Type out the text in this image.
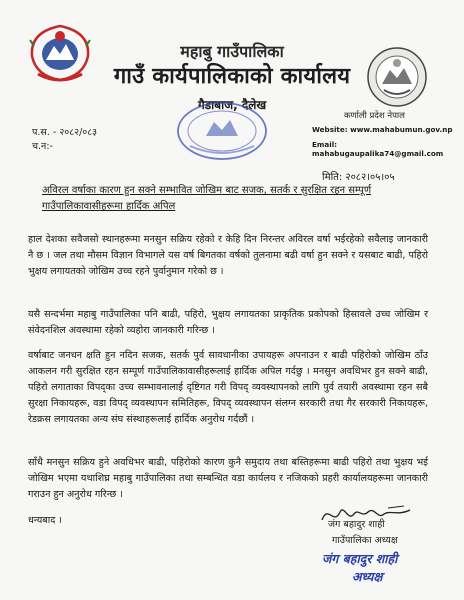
महाबु गाउँपालिका
गाउँ कार्यपालिकाको कार्यालय
गैडाबाज, दैलेख
कर्णाली प्रदेश नेपाल
Website: www.mahabumun.gov.np
Email: mahabugaupalika74@gmail.com
प.स. - २०८२/०८३
च.न:-
मिति: २०८२।०५।०५
अविरल वर्षाका कारण हुन सक्ने सम्भावित जोखिम बाट सजक, सतर्क र सुरक्षित रहन सम्पूर्ण गाउँपालिकावासीहरूमा हार्दिक अपिल
हाल देशका सवैजसो स्थानहरूमा मनसुन सक्रिय रहेको र केहि दिन निरन्तर अविरल वर्षा भईरहेको सवैलाइ जानकारी नै छ । जल तथा मौसम विज्ञान विभागले यस वर्ष बिगतका वर्षको तुलनामा बढी वर्षा हुन सक्ने र यसबाट बाढी, पहिरो भुक्षय लगायतको जोखिम उच्च रहने पुर्वानुमान गरेको छ ।
यसै सन्दर्भमा महाबु गाउँपालिका पनि बाढी, पहिरो, भुक्षय लगायतका प्राकृतिक प्रकोपको हिसावले उच्च जोखिम र संवेदनशिल अवस्थामा रहेको व्यहोरा जानकारी गरिन्छ ।
वर्षाबाट जनधन क्षति हुन नदिन सजक, सतर्क पुर्व सावधानीका उपायहरू अपनाउन र बाढी पहिरोको जोखिम ठाँउ आकलन गरी सुरक्षित रहन सम्पूर्ण गाउँपालिकावासीहरूलाई हार्दिक अपिल गर्दछु । मनसुन अवधिभर हुन सक्ने बाढी, पहिरो लगाताका विपद्का उच्च सम्भावनालाई दृष्टिगत गरी विपद् व्यवस्थापनको लागि पुर्व तयारी अवस्थामा रहन सबै सुरक्षा निकायहरू, वडा विपद् व्यवस्थापन समितिहरू, विपद् व्यवस्थापन संलग्न सरकारी तथा गैर सरकारी निकायहरू, रेडक्रस लगायतका अन्य संघ संस्थाहरूलाई हार्दिक अनुरोध गर्दछौं ।
साँधै मनसुन सक्रिय हुने अवधिभर बाढी, पहिरोको कारण कुनै समुदाय तथा बस्तिहरूमा बाढी पहिरो तथा भुक्षय भई जोखिम भएमा यथाशिघ्र महाबु गाउँपालिका तथा सम्बन्धित वडा कार्यलय र नजिकको प्रहरी कार्यालयहरूमा जानकारी गराउन हुन अनुरोध गरिन्छ ।
धन्यबाद ।	जंग बहादुर शाही
गाउँपालिका अध्यक्ष
जंग बहादुर शाही
अध्यक्ष
